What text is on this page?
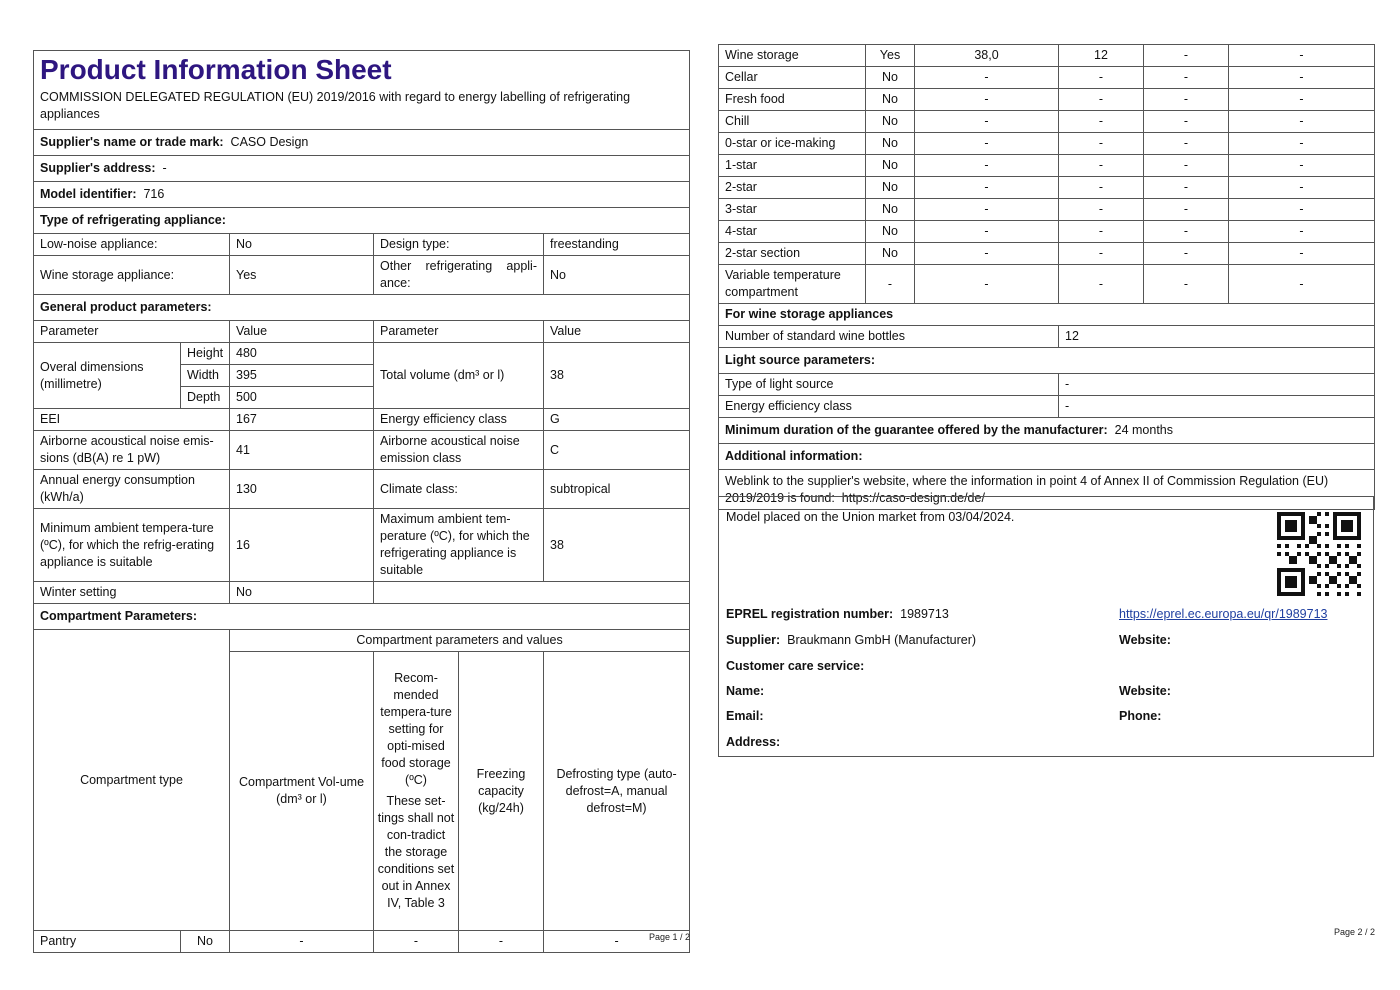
Product Information Sheet					

COMMISSION DELEGATED REGULATION (EU) 2019/2016 with regard to energy labelling of refrigerating appliances					
Supplier's name or trade mark: CASO Design					
Supplier's address: -					
Model identifier: 716					
Type of refrigerating appliance:					
Low-noise appliance:		No	Design type:		freestanding
Wine storage appliance:		Yes	Other refrigerating appli-ance:		No
General product parameters:					
Parameter		Value	Parameter		Value
Overal dimensions (millimetre)	Height	480	Total volume (dm³ or l)		38
	Width	395			
	Depth	500			
EEI		167	Energy efficiency class		G
Airborne acoustical noise emis-sions (dB(A) re 1 pW)		41	Airborne acoustical noise emission class		C
Annual energy consumption (kWh/a)		130	Climate class:		subtropical
Minimum ambient tempera-ture (ºC), for which the refrig-erating appliance is suitable		16	Maximum ambient tem-perature (ºC), for which the refrigerating appliance is suitable		38
Winter setting		No			
Compartment Parameters:					
Compartment type		Compartment parameters and values			
		Compartment Vol-ume (dm³ or l)	Recom-mended tempera-ture setting for opti-mised food storage (ºC)
These set-tings shall not con-tradict the storage conditions set out in Annex IV, Table 3	Freezing capacity (kg/24h)	Defrosting type (auto-defrost=A, manual defrost=M)
Pantry	No	-	-	-	-	Page 1 / 2
Wine storage	Yes	38,0	12	-	-
Cellar	No	-	-	-	-
Fresh food	No	-	-	-	-
Chill	No	-	-	-	-
0-star or ice-making	No	-	-	-	-
1-star	No	-	-	-	-
2-star	No	-	-	-	-
3-star	No	-	-	-	-
4-star	No	-	-	-	-
2-star section	No	-	-	-	-
Variable temperature compartment	-	-	-	-	-
For wine storage appliances	
Number of standard wine bottles	12
Light source parameters:	
Type of light source	-
Energy efficiency class	-
Minimum duration of the guarantee offered by the manufacturer: 24 months	
Additional information:	
Weblink to the supplier's website, where the information in point 4 of Annex II of Commission Regulation (EU) 2019/2019 is found: https://caso-design.de/de/	
Model placed on the Union market from 03/04/2024.
EPREL registration number: 1989713	https://eprel.ec.europa.eu/qr/1989713
Supplier: Braukmann GmbH (Manufacturer)	Website:
Customer care service:
Name:	Website:
Email:	Phone:
Address:
Page 2 / 2
